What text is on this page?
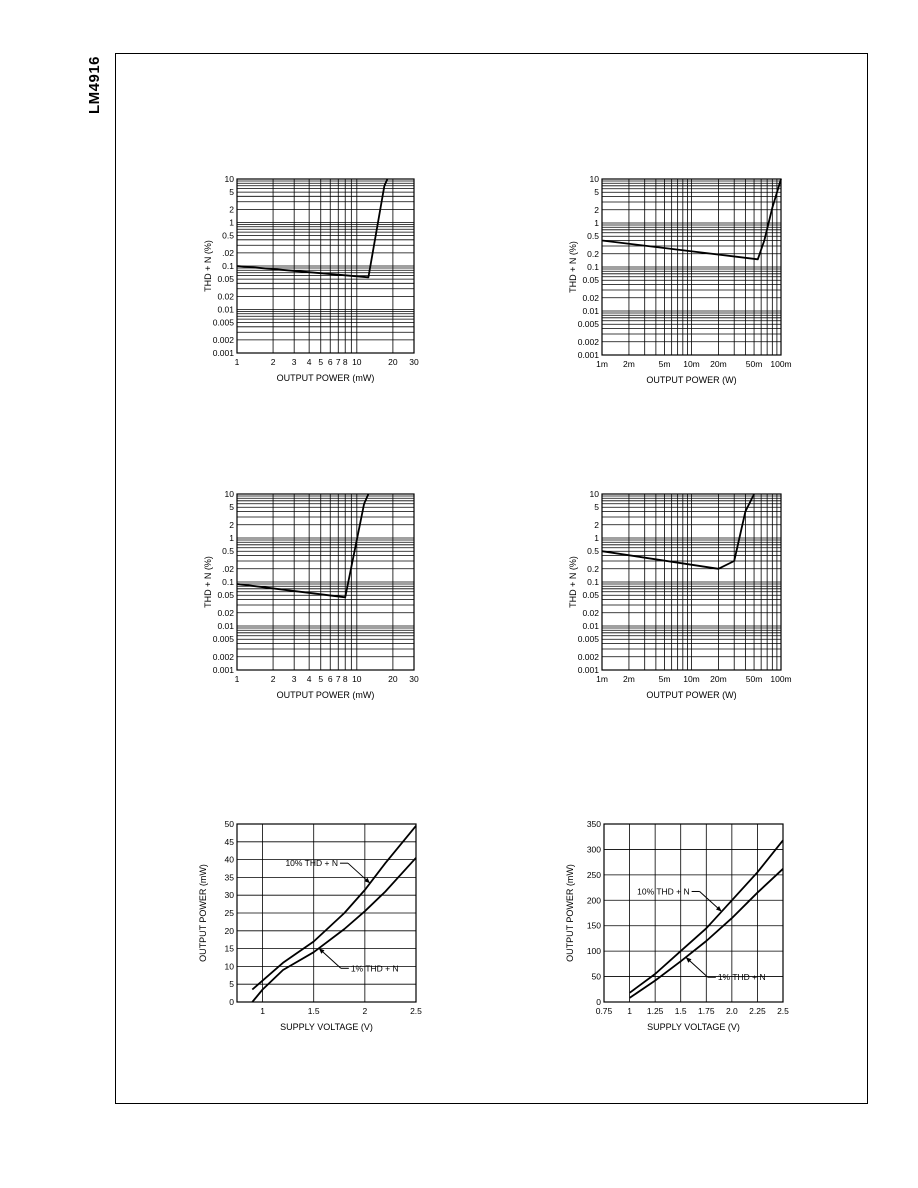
LM4916
1	2 3 4 5 6 7 8 10	20 30
10
5
2
1
0.5
.02
0.1
0.05
0.02
0.01
0.005
0.002
0.001
OUTPUT POWER (mW)
THD + N (%)
1m 2m	5m 10m 20m 50m 100m
10
5
2
1
0.5
0.2
0.1
0.05
0.02
0.01
0.005
0.002
0.001
OUTPUT POWER (W)
THD + N (%)
1	2 3 4 5 6 7 8 10	20 30
10
5
2
1
0.5
.02
0.1
0.05
0.02
0.01
0.005
0.002
0.001
OUTPUT POWER (mW)
THD + N (%)
1m 2m	5m 10m 20m 50m 100m
10
5
2
1
0.5
0.2
0.1
0.05
0.02
0.01
0.005
0.002
0.001
OUTPUT POWER (W)
THD + N (%)
1	1.5	2	2.5
0
5
10
15
20
25
30
35
40
45
50
SUPPLY VOLTAGE (V)
OUTPUT POWER (mW)
10% THD + N
1% THD + N
0.75 1 1.25 1.5 1.75 2.0 2.25 2.5
0
50
100
150
200
250
300
350
SUPPLY VOLTAGE (V)
OUTPUT POWER (mW)	10% THD + N
1% THD + N
